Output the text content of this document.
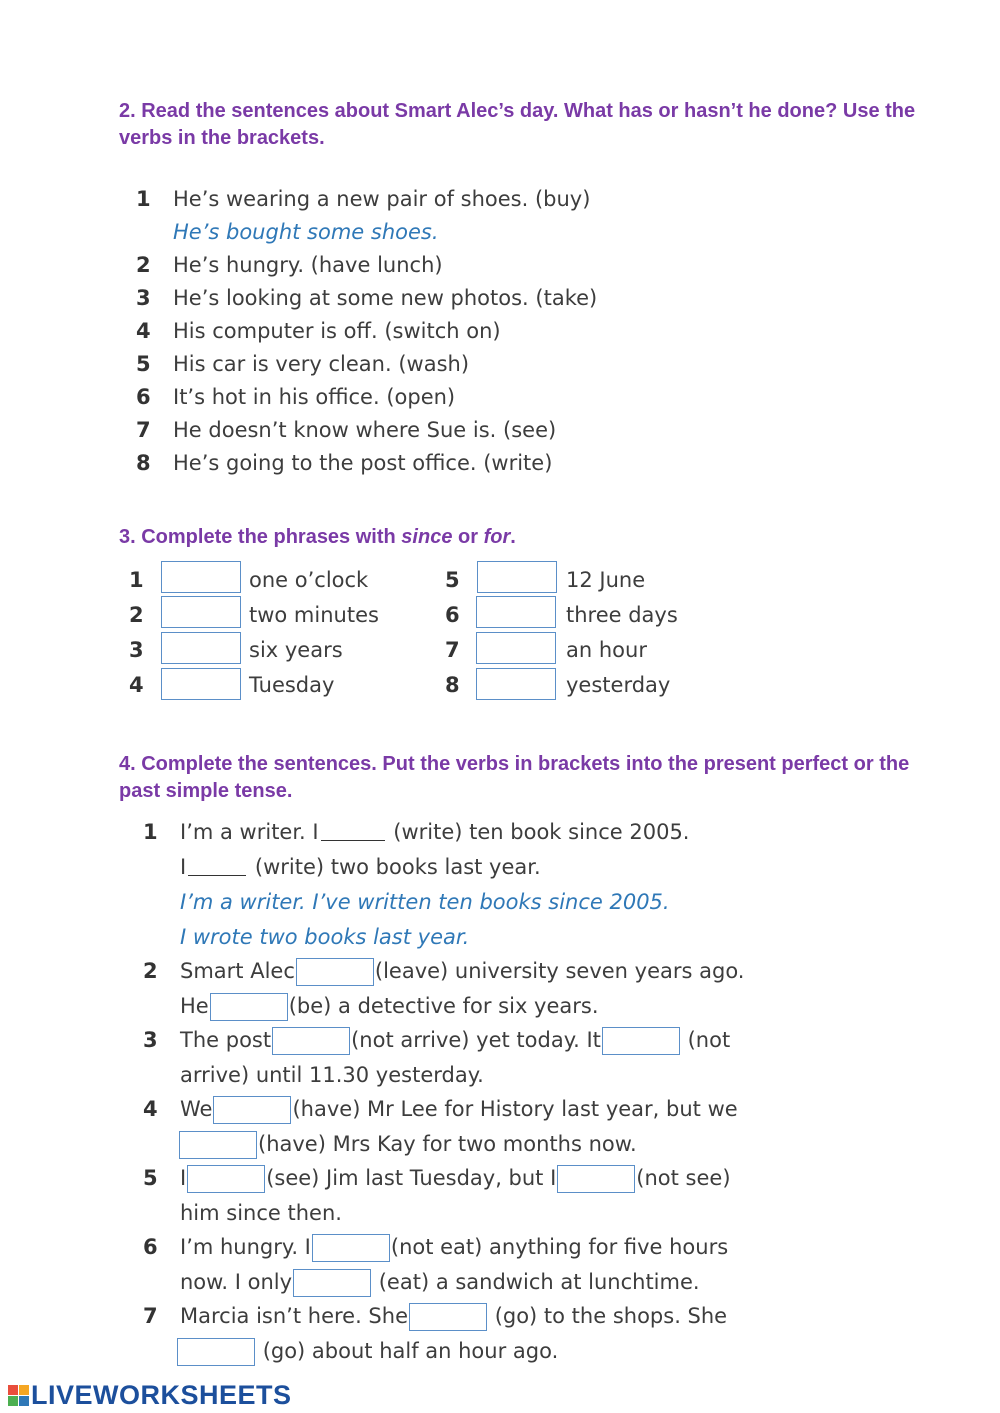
2. Read the sentences about Smart Alec’s day. What has or hasn’t he done? Use the verbs in the brackets.
1 He’s wearing a new pair of shoes. (buy)
He’s bought some shoes.
2 He’s hungry. (have lunch)
3 He’s looking at some new photos. (take)
4 His computer is off. (switch on)
5 His car is very clean. (wash)
6 It’s hot in his office. (open)
7 He doesn’t know where Sue is. (see)
8 He’s going to the post office. (write)
3. Complete the phrases with since or for.
1	one o’clock
2	two minutes
3	six years
4	Tuesday
5	12 June
6	three days
7	an hour
8	yesterday
4. Complete the sentences. Put the verbs in brackets into the present perfect or the past simple tense.
1 I’m a writer. I	(write) ten book since 2005.
I	(write) two books last year.
I’m a writer. I’ve written ten books since 2005.
I wrote two books last year.
2 Smart Alec	(leave) university seven years ago.
He	(be) a detective for six years.
3 The post	(not arrive) yet today. It	(not
arrive) until 11.30 yesterday.
4 We	(have) Mr Lee for History last year, but we
(have) Mrs Kay for two months now.
5 I	(see) Jim last Tuesday, but I	(not see)
him since then.
6 I’m hungry. I	(not eat) anything for five hours
now. I only	(eat) a sandwich at lunchtime.
7 Marcia isn’t here. She	(go) to the shops. She
(go) about half an hour ago.
LIVEWORKSHEETS
